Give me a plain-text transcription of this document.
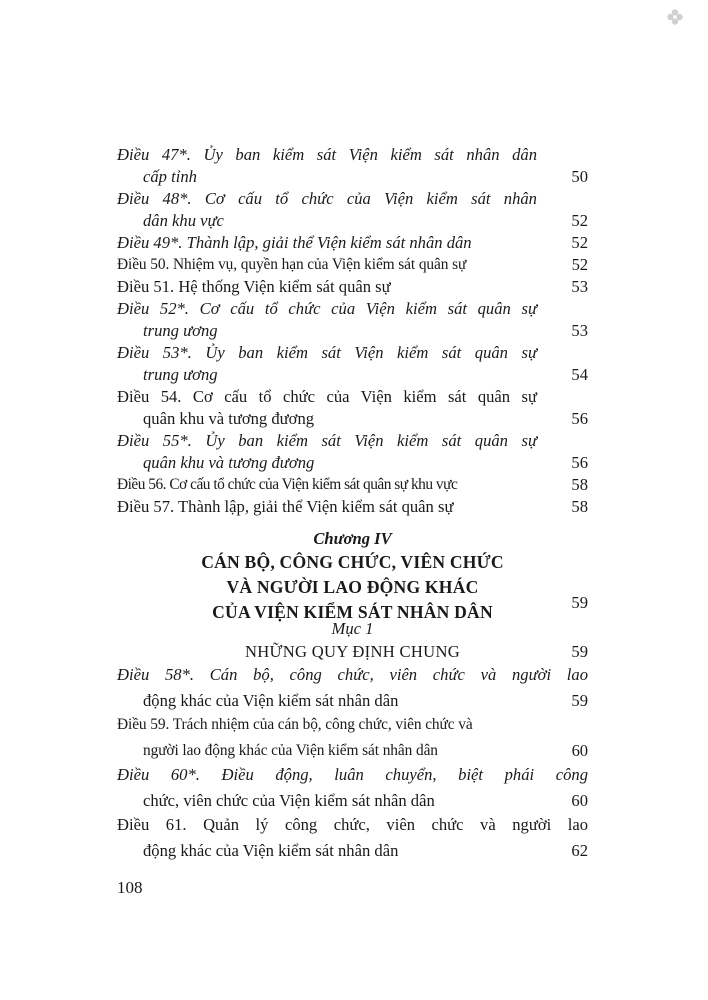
Điều 47*. Ủy ban kiểm sát Viện kiểm sát nhân dân
cấp tỉnh	50
Điều 48*. Cơ cấu tổ chức của Viện kiểm sát nhân
dân khu vực	52
Điều 49*. Thành lập, giải thể Viện kiểm sát nhân dân	52
Điều 50. Nhiệm vụ, quyền hạn của Viện kiểm sát quân sự	52
Điều 51. Hệ thống Viện kiểm sát quân sự	53
Điều 52*. Cơ cấu tổ chức của Viện kiểm sát quân sự
trung ương	53
Điều 53*. Ủy ban kiểm sát Viện kiểm sát quân sự
trung ương	54
Điều 54. Cơ cấu tổ chức của Viện kiểm sát quân sự
quân khu và tương đương	56
Điều 55*. Ủy ban kiểm sát Viện kiểm sát quân sự
quân khu và tương đương	56
Điều 56. Cơ cấu tổ chức của Viện kiểm sát quân sự khu vực	58
Điều 57. Thành lập, giải thể Viện kiểm sát quân sự	58
Chương IV
CÁN BỘ, CÔNG CHỨC, VIÊN CHỨC
VÀ NGƯỜI LAO ĐỘNG KHÁC
CỦA VIỆN KIỂM SÁT NHÂN DÂN	59
Mục 1
NHỮNG QUY ĐỊNH CHUNG	59
Điều 58*. Cán bộ, công chức, viên chức và người lao
động khác của Viện kiểm sát nhân dân	59
Điều 59. Trách nhiệm của cán bộ, công chức, viên chức và
người lao động khác của Viện kiểm sát nhân dân	60
Điều 60*. Điều động, luân chuyển, biệt phái công
chức, viên chức của Viện kiểm sát nhân dân	60
Điều 61. Quản lý công chức, viên chức và người lao
động khác của Viện kiểm sát nhân dân	62
108
